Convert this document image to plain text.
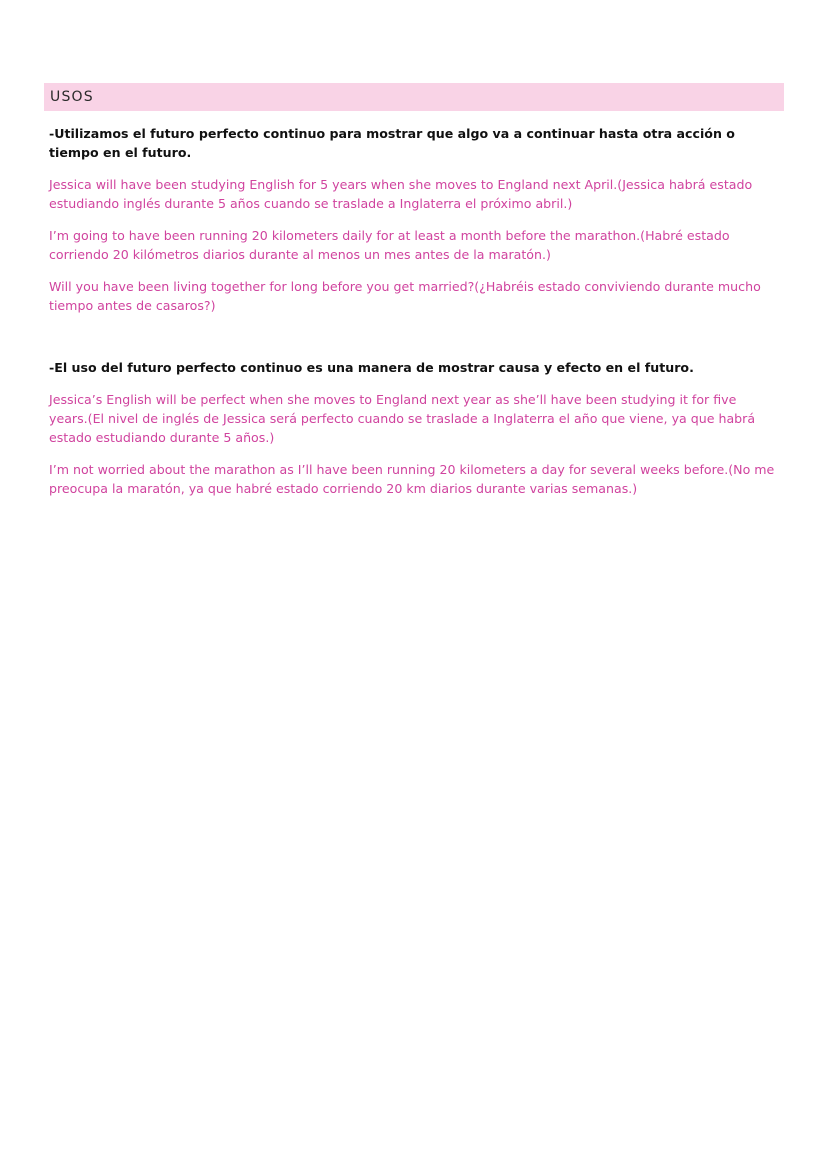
USOS

-Utilizamos el futuro perfecto continuo para mostrar que algo va a continuar hasta otra acción o tiempo en el futuro.

Jessica will have been studying English for 5 years when she moves to England next April.(Jessica habrá estado estudiando inglés durante 5 años cuando se traslade a Inglaterra el próximo abril.)

I’m going to have been running 20 kilometers daily for at least a month before the marathon.(Habré estado corriendo 20 kilómetros diarios durante al menos un mes antes de la maratón.)

Will you have been living together for long before you get married?(¿Habréis estado conviviendo durante mucho tiempo antes de casaros?)

-El uso del futuro perfecto continuo es una manera de mostrar causa y efecto en el futuro.

Jessica’s English will be perfect when she moves to England next year as she’ll have been studying it for five years.(El nivel de inglés de Jessica será perfecto cuando se traslade a Inglaterra el año que viene, ya que habrá estado estudiando durante 5 años.)

I’m not worried about the marathon as I’ll have been running 20 kilometers a day for several weeks before.(No me preocupa la maratón, ya que habré estado corriendo 20 km diarios durante varias semanas.)
